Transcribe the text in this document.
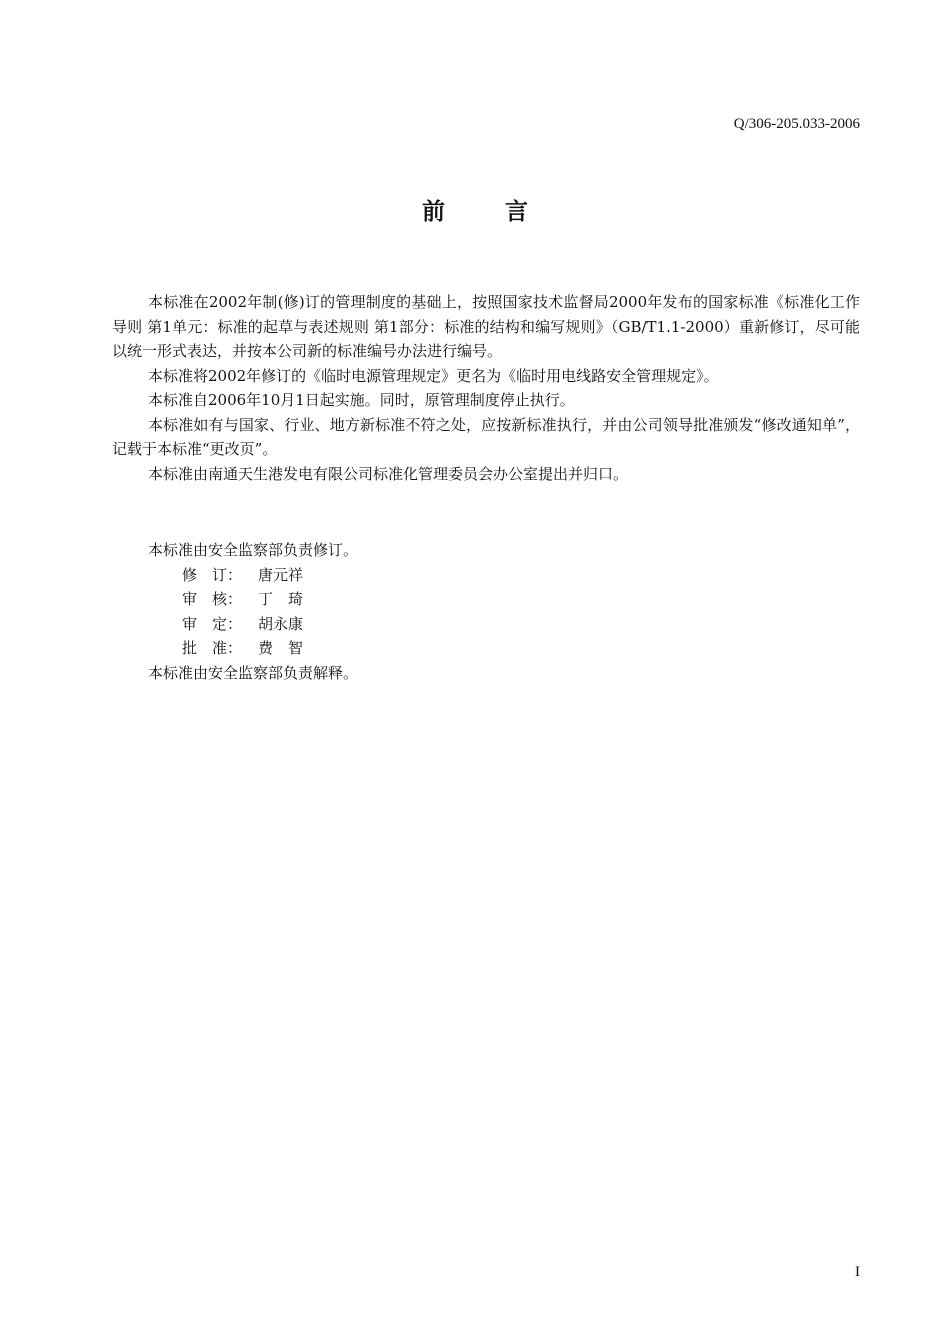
Q/306-205.033-2006
前	言

本标准在2002年制(修)订的管理制度的基础上，按照国家技术监督局2000年发布的国家标准《标准化工作导则 第1单元：标准的起草与表述规则 第1部分：标准的结构和编写规则》（GB/T1.1-2000）重新修订，尽可能以统一形式表达，并按本公司新的标准编号办法进行编号。

本标准将2002年修订的《临时电源管理规定》更名为《临时用电线路安全管理规定》。

本标准自2006年10月1日起实施。同时，原管理制度停止执行。

本标准如有与国家、行业、地方新标准不符之处，应按新标准执行，并由公司领导批准颁发“修改通知单”，记载于本标准“更改页”。

本标准由南通天生港发电有限公司标准化管理委员会办公室提出并归口。

本标准由安全监察部负责修订。

修　订：	唐元祥
审　核：	丁　琦
审　定：	胡永康
批　准：	费　智

本标准由安全监察部负责解释。

I
